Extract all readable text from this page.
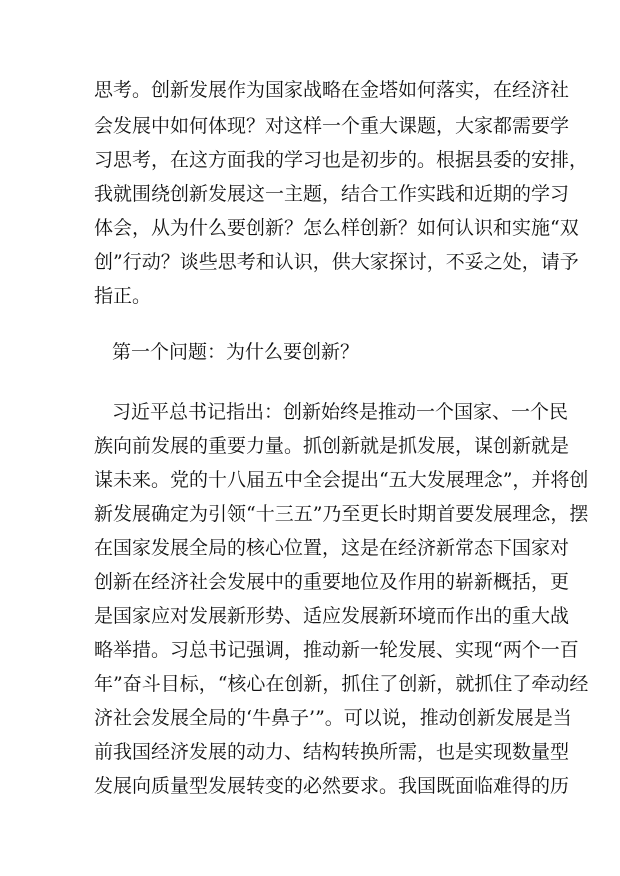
思考。创新发展作为国家战略在金塔如何落实，在经济社
会发展中如何体现？对这样一个重大课题，大家都需要学
习思考，在这方面我的学习也是初步的。根据县委的安排，
我就围绕创新发展这一主题，结合工作实践和近期的学习
体会，从为什么要创新？怎么样创新？如何认识和实施“双
创”行动？谈些思考和认识，供大家探讨，不妥之处，请予
指正。
第一个问题：为什么要创新？
习近平总书记指出：创新始终是推动一个国家、一个民
族向前发展的重要力量。抓创新就是抓发展，谋创新就是
谋未来。党的十八届五中全会提出“五大发展理念”，并将创
新发展确定为引领“十三五”乃至更长时期首要发展理念，摆
在国家发展全局的核心位置，这是在经济新常态下国家对
创新在经济社会发展中的重要地位及作用的崭新概括，更
是国家应对发展新形势、适应发展新环境而作出的重大战
略举措。习总书记强调，推动新一轮发展、实现“两个一百
年”奋斗目标，“核心在创新，抓住了创新，就抓住了牵动经
济社会发展全局的‘牛鼻子’”。可以说，推动创新发展是当
前我国经济发展的动力、结构转换所需，也是实现数量型
发展向质量型发展转变的必然要求。我国既面临难得的历
